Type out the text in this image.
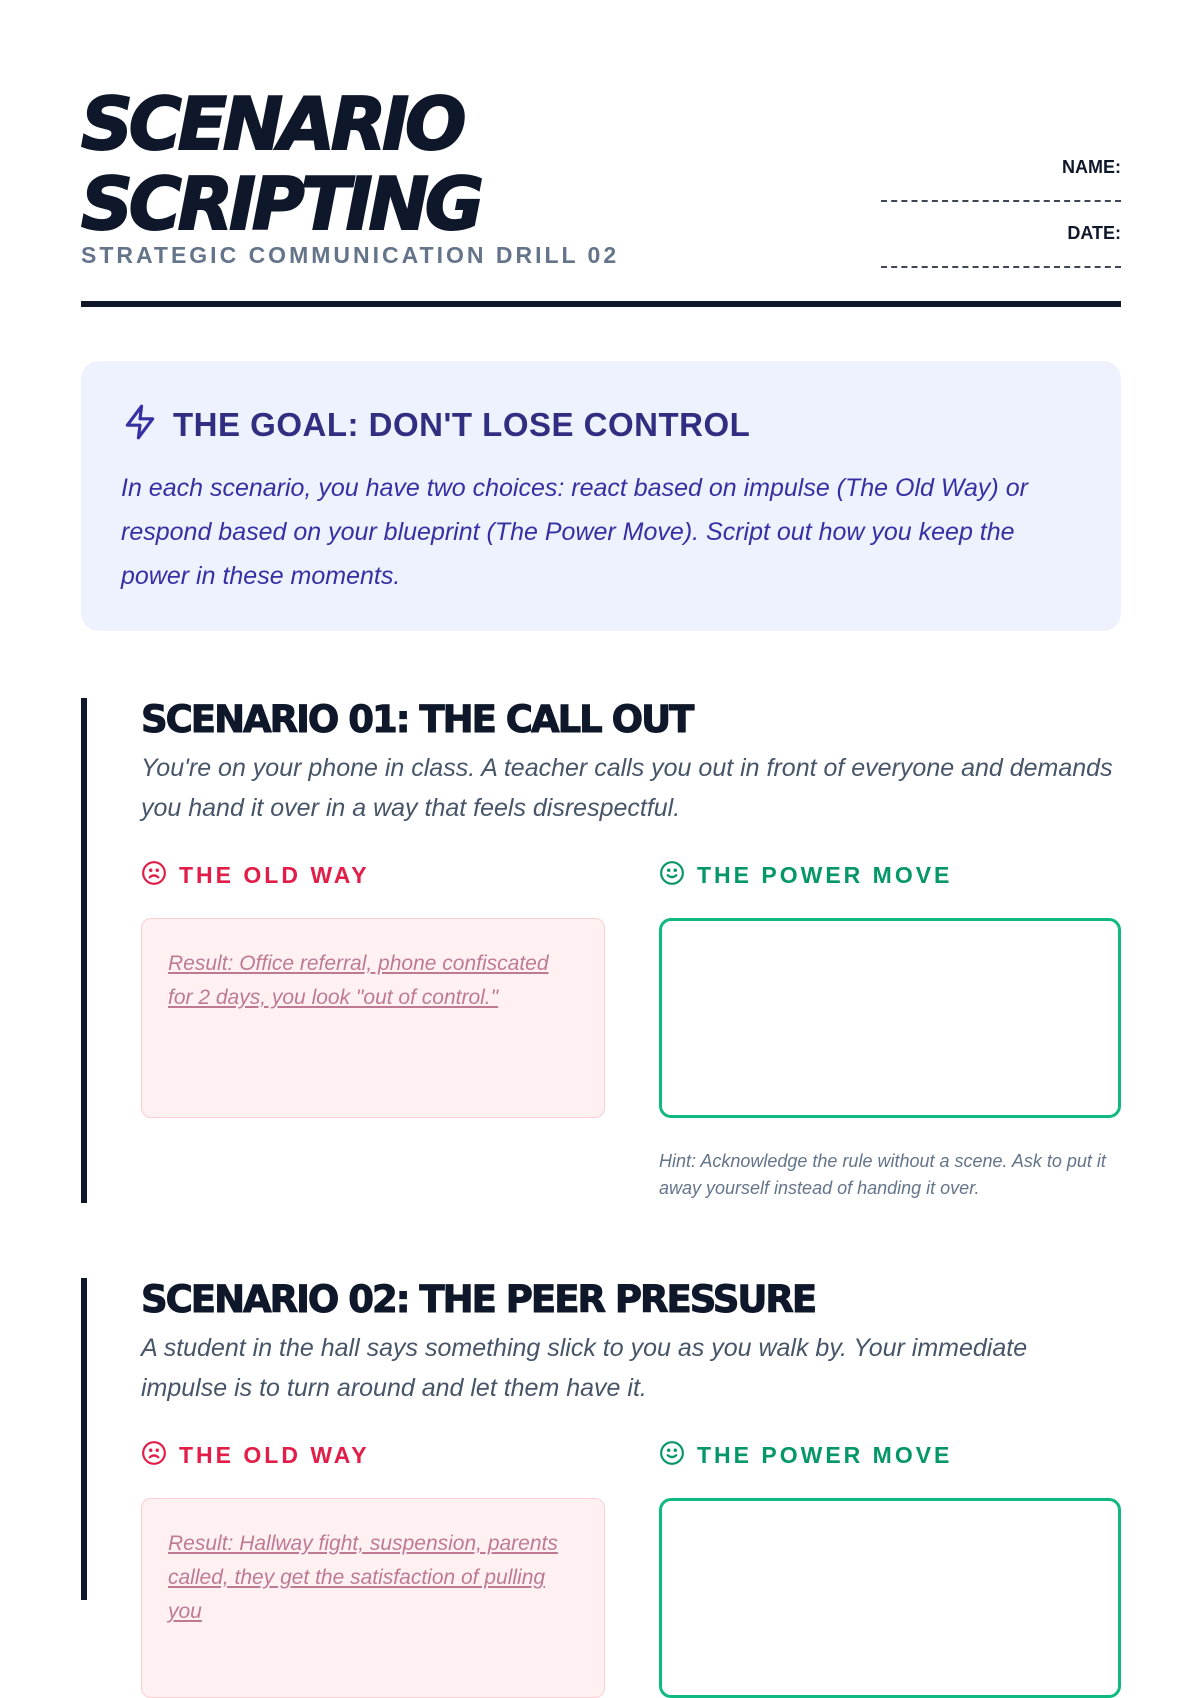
SCENARIO
SCRIPTING
STRATEGIC COMMUNICATION DRILL 02
NAME:
DATE:
THE GOAL: DON'T LOSE CONTROL
In each scenario, you have two choices: react based on impulse (The Old Way) or respond based on your blueprint (The Power Move). Script out how you keep the power in these moments.
SCENARIO 01: THE CALL OUT
You're on your phone in class. A teacher calls you out in front of everyone and demands you hand it over in a way that feels disrespectful.
THE OLD WAY
Result: Office referral, phone confiscated for 2 days, you look "out of control."
THE POWER MOVE
Hint: Acknowledge the rule without a scene. Ask to put it away yourself instead of handing it over.
SCENARIO 02: THE PEER PRESSURE
A student in the hall says something slick to you as you walk by. Your immediate impulse is to turn around and let them have it.
THE OLD WAY
Result: Hallway fight, suspension, parents called, they get the satisfaction of pulling you
THE POWER MOVE
